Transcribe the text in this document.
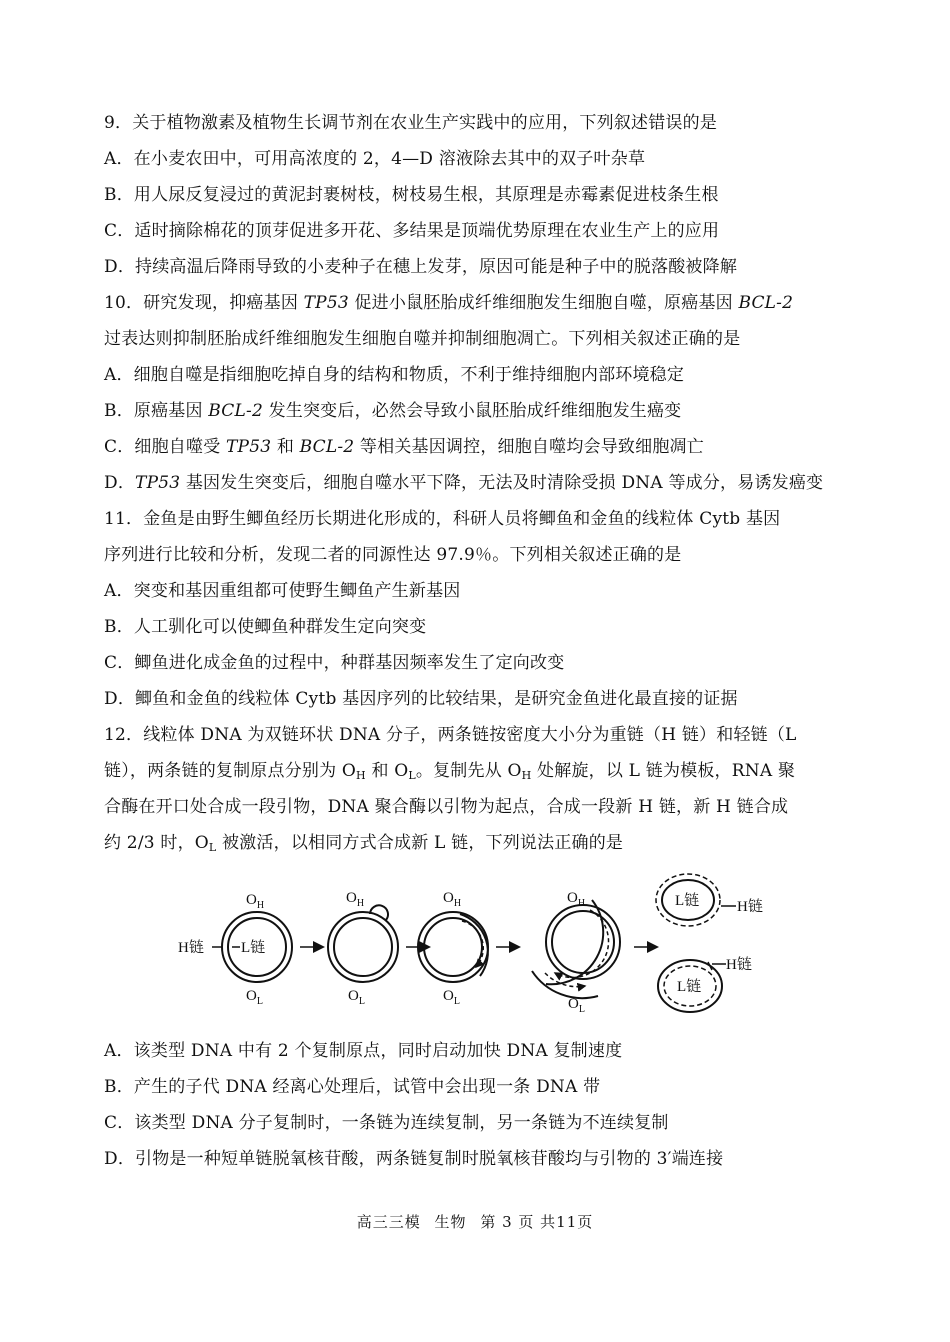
9．关于植物激素及植物生长调节剂在农业生产实践中的应用，下列叙述错误的是
A．在小麦农田中，可用高浓度的 2，4—D 溶液除去其中的双子叶杂草
B．用人尿反复浸过的黄泥封裹树枝，树枝易生根，其原理是赤霉素促进枝条生根
C．适时摘除棉花的顶芽促进多开花、多结果是顶端优势原理在农业生产上的应用
D．持续高温后降雨导致的小麦种子在穗上发芽，原因可能是种子中的脱落酸被降解
10．研究发现，抑癌基因 TP53 促进小鼠胚胎成纤维细胞发生细胞自噬，原癌基因 BCL-2
过表达则抑制胚胎成纤维细胞发生细胞自噬并抑制细胞凋亡。下列相关叙述正确的是
A．细胞自噬是指细胞吃掉自身的结构和物质，不利于维持细胞内部环境稳定
B．原癌基因 BCL-2 发生突变后，必然会导致小鼠胚胎成纤维细胞发生癌变
C．细胞自噬受 TP53 和 BCL-2 等相关基因调控，细胞自噬均会导致细胞凋亡
D．TP53 基因发生突变后，细胞自噬水平下降，无法及时清除受损 DNA 等成分，易诱发癌变
11．金鱼是由野生鲫鱼经历长期进化形成的，科研人员将鲫鱼和金鱼的线粒体 Cytb 基因
序列进行比较和分析，发现二者的同源性达 97.9％。下列相关叙述正确的是
A．突变和基因重组都可使野生鲫鱼产生新基因
B．人工驯化可以使鲫鱼种群发生定向突变
C．鲫鱼进化成金鱼的过程中，种群基因频率发生了定向改变
D．鲫鱼和金鱼的线粒体 Cytb 基因序列的比较结果，是研究金鱼进化最直接的证据
12．线粒体 DNA 为双链环状 DNA 分子，两条链按密度大小分为重链（H 链）和轻链（L
链），两条链的复制原点分别为 $O_H$ 和 $O_L$。复制先从 $O_H$ 处解旋，以 L 链为模板，RNA 聚
合酶在开口处合成一段引物，DNA 聚合酶以引物为起点，合成一段新 H 链，新 H 链合成
约 2/3 时，$O_L$ 被激活，以相同方式合成新 L 链，下列说法正确的是
$O_H$
$O_L$
H链 L链
$O_H$
$O_L$
$O_H$
$O_L$
$O_H$
$O_L$
L链	H链
L链
H链
A．该类型 DNA 中有 2 个复制原点，同时启动加快 DNA 复制速度
B．产生的子代 DNA 经离心处理后，试管中会出现一条 DNA 带
C．该类型 DNA 分子复制时，一条链为连续复制，另一条链为不连续复制
D．引物是一种短单链脱氧核苷酸，两条链复制时脱氧核苷酸均与引物的 3′端连接
高三三模 生物 第 3 页 共11页
